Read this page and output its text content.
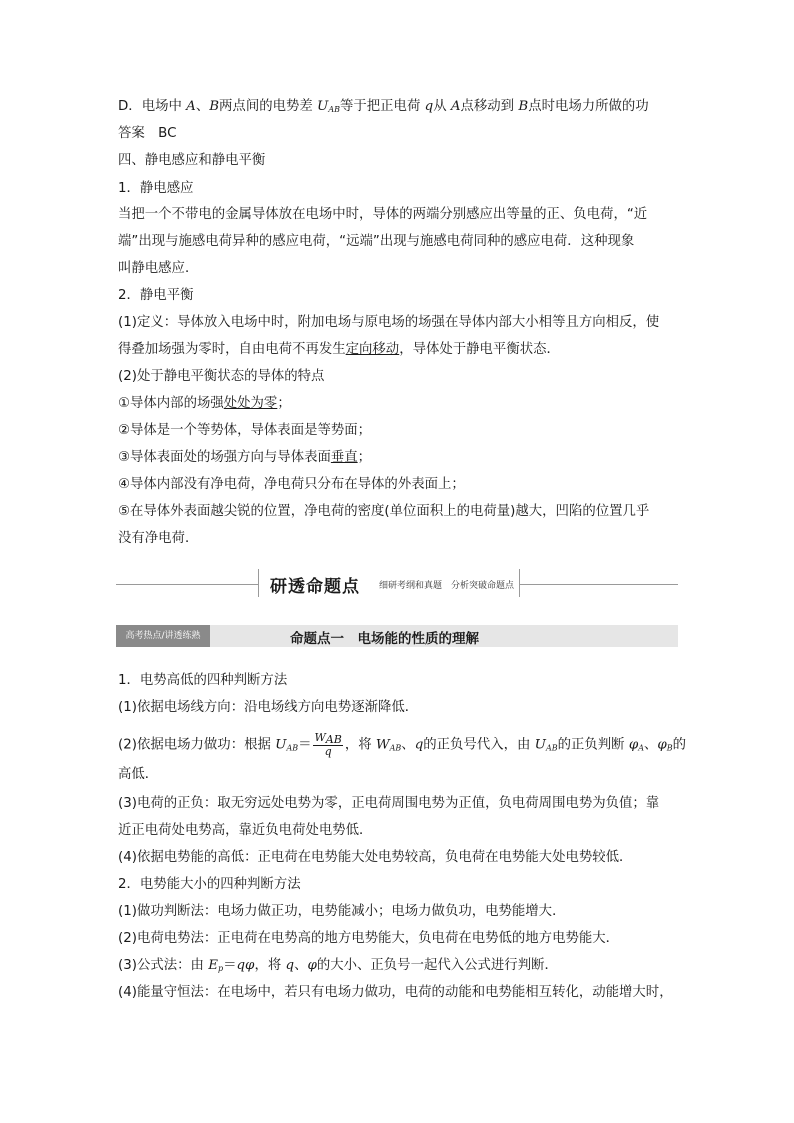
D．电场中 A、B两点间的电势差 $U_{AB}$等于把正电荷 q从 A点移动到 B点时电场力所做的功
答案　BC
四、静电感应和静电平衡
1．静电感应
当把一个不带电的金属导体放在电场中时，导体的两端分别感应出等量的正、负电荷，“近
端”出现与施感电荷异种的感应电荷，“远端”出现与施感电荷同种的感应电荷．这种现象
叫静电感应．
2．静电平衡
(1)定义：导体放入电场中时，附加电场与原电场的场强在导体内部大小相等且方向相反，使
得叠加场强为零时，自由电荷不再发生定向移动，导体处于静电平衡状态．
(2)处于静电平衡状态的导体的特点
①导体内部的场强处处为零；
②导体是一个等势体，导体表面是等势面；
③导体表面处的场强方向与导体表面垂直；
④导体内部没有净电荷，净电荷只分布在导体的外表面上；
⑤在导体外表面越尖锐的位置，净电荷的密度(单位面积上的电荷量)越大，凹陷的位置几乎
没有净电荷．
研透命题点 细研考纲和真题　分析突破命题点
高考热点/讲透练熟	命题点一　电场能的性质的理解
1．电势高低的四种判断方法
(1)依据电场线方向：沿电场线方向电势逐渐降低．
(2)依据电场力做功：根据 $U_{AB}= \frac{\text{WAB}}{q}$ ，将 $W_{AB}$、q的正负号代入，由 $U_{AB}$的正负判断 $\varphi_A$、$\varphi_B$的
高低．
(3)电荷的正负：取无穷远处电势为零，正电荷周围电势为正值，负电荷周围电势为负值；靠
近正电荷处电势高，靠近负电荷处电势低．
(4)依据电势能的高低：正电荷在电势能大处电势较高，负电荷在电势能大处电势较低．
2．电势能大小的四种判断方法
(1)做功判断法：电场力做正功，电势能减小；电场力做负功，电势能增大．
(2)电荷电势法：正电荷在电势高的地方电势能大，负电荷在电势低的地方电势能大．
(3)公式法：由 $E_p=q\varphi$，将 q、φ的大小、正负号一起代入公式进行判断．
(4)能量守恒法：在电场中，若只有电场力做功，电荷的动能和电势能相互转化，动能增大时，
